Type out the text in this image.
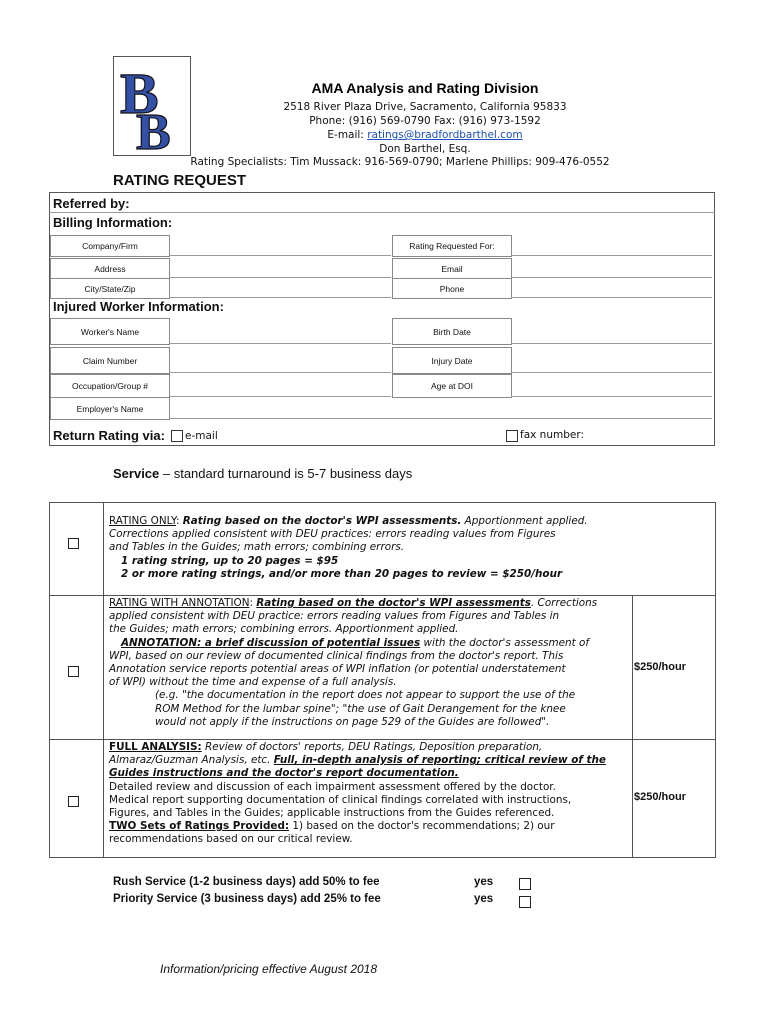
B
B
AMA Analysis and Rating Division
2518 River Plaza Drive, Sacramento, California 95833
Phone: (916) 569-0790 Fax: (916) 973-1592
E-mail: ratings@bradfordbarthel.com
Don Barthel, Esq.
Rating Specialists: Tim Mussack: 916-569-0790; Marlene Phillips: 909-476-0552
RATING REQUEST
Referred by:
Billing Information:
Company/Firm	Rating Requested For:
Address	Email
City/State/Zip	Phone
Injured Worker Information:
Worker's Name	Birth Date
Claim Number	Injury Date
Occupation/Group #	Age at DOI
Employer's Name
Return Rating via: e-mail	fax number:
Service – standard turnaround is 5-7 business days
RATING ONLY: Rating based on the doctor's WPI assessments. Apportionment applied.
Corrections applied consistent with DEU practices: errors reading values from Figures
and Tables in the Guides; math errors; combining errors.
1 rating string, up to 20 pages = $95
2 or more rating strings, and/or more than 20 pages to review = $250/hour
RATING WITH ANNOTATION: Rating based on the doctor's WPI assessments. Corrections
applied consistent with DEU practice: errors reading values from Figures and Tables in
the Guides; math errors; combining errors. Apportionment applied.
ANNOTATION: a brief discussion of potential issues with the doctor's assessment of
WPI, based on our review of documented clinical findings from the doctor's report. This
Annotation service reports potential areas of WPI inflation (or potential understatement
of WPI) without the time and expense of a full analysis.
(e.g. "the documentation in the report does not appear to support the use of the
ROM Method for the lumbar spine"; "the use of Gait Derangement for the knee
would not apply if the instructions on page 529 of the Guides are followed".
$250/hour
FULL ANALYSIS: Review of doctors' reports, DEU Ratings, Deposition preparation,
Almaraz/Guzman Analysis, etc. Full, in-depth analysis of reporting; critical review of the
Guides instructions and the doctor's report documentation.
Detailed review and discussion of each impairment assessment offered by the doctor.
Medical report supporting documentation of clinical findings correlated with instructions,
Figures, and Tables in the Guides; applicable instructions from the Guides referenced.
TWO Sets of Ratings Provided: 1) based on the doctor's recommendations; 2) our
recommendations based on our critical review.
$250/hour
Rush Service (1-2 business days) add 50% to fee	yes
Priority Service (3 business days) add 25% to fee	yes
Information/pricing effective August 2018
